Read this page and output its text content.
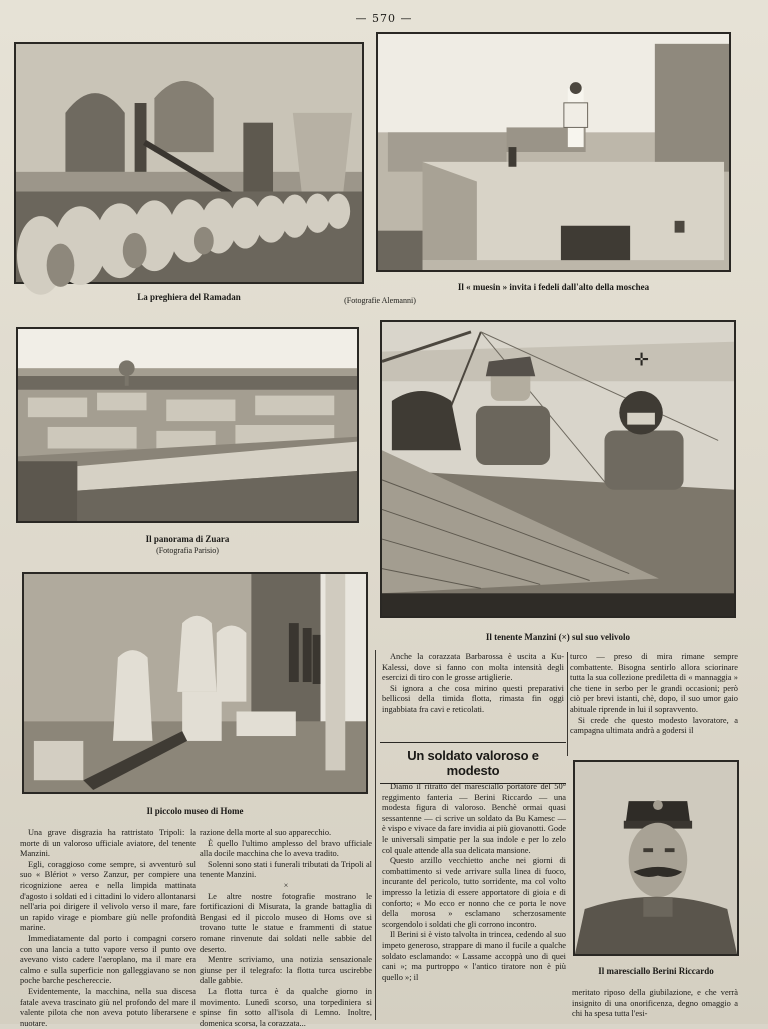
— 570 —
La preghiera del Ramadan
Il « muesin » invita i fedeli dall'alto della moschea
(Fotografie Alemanni)
Il panorama di Zuara
(Fotografia Parisio)
✛
Il tenente Manzini (×) sul suo velivolo
Il piccolo museo di Home
Il maresciallo Berini Riccardo
Un soldato valoroso e modesto

Anche la corazzata Barbarossa è uscita a Ku-Kalessi, dove si fanno con molta intensità degli esercizi di tiro con le grosse artiglierie.

Si ignora a che cosa mirino questi preparativi bellicosi della timida flotta, rimasta fin oggi ingabbiata fra cavi e reticolati.

turco — preso di mira rimane sempre combattente. Bisogna sentirlo allora sciorinare tutta la sua collezione prediletta di « mannaggia » che tiene in serbo per le grandi occasioni; però ciò per brevi istanti, chè, dopo, il suo umor gaio abituale riprende in lui il sopravvento.

Si crede che questo modesto lavoratore, a campagna ultimata andrà a godersi il

Diamo il ritratto del maresciallo portatore del 50° reggimento fanteria — Berini Riccardo — una modesta figura di valoroso. Benchè ormai quasi sessantenne — ci scrive un soldato da Bu Kamesc — è vispo e vivace da fare invidia ai più giovanotti. Gode le universali simpatie per la sua indole e per lo zelo col quale attende alla sua delicata mansione.

Questo arzillo vecchietto anche nei giorni di combattimento si vede arrivare sulla linea di fuoco, incurante del pericolo, tutto sorridente, ma col volto impresso la letizia di essere apportatore di gioia e di conforto; « Mo ecco er nonno che ce porta le nove della morosa » esclamano scherzosamente scorgendolo i soldati che gli corrono incontro.

Il Berini si è visto talvolta in trincea, cedendo al suo impeto generoso, strappare di mano il fucile a qualche soldato esclamando: « Lassame accoppà uno di quei cani »; ma purtroppo « l'antico tiratore non è più quello »; il

meritato riposo della giubilazione, e che verrà insignito di una onorificenza, degno omaggio a chi ha spesa tutta l'esi-

Una grave disgrazia ha rattristato Tripoli: la morte di un valoroso ufficiale aviatore, del tenente Manzini.

Egli, coraggioso come sempre, si avventurò sul suo « Blériot » verso Zanzur, per compiere una ricognizione aerea e nella limpida mattinata d'agosto i soldati ed i cittadini lo videro allontanarsi nell'aria poi dirigere il velivolo verso il mare, fare un rapido virage e piombare giù nelle profondità marine.

Immediatamente dal porto i compagni corsero con una lancia a tutto vapore verso il punto ove avevano visto cadere l'aeroplano, ma il mare era calmo e sulla superficie non galleggiavano se non poche barche peschereccie.

Evidentemente, la macchina, nella sua discesa fatale aveva trascinato giù nel profondo del mare il valente pilota che non aveva potuto liberarsene e nuotare.

razione della morte al suo apparecchio.

È quello l'ultimo amplesso del bravo ufficiale alla docile macchina che lo aveva tradito.

Solenni sono stati i funerali tributati da Tripoli al tenente Manzini.

×

Le altre nostre fotografie mostrano le fortificazioni di Misurata, la grande battaglia di Bengasi ed il piccolo museo di Homs ove si trovano tutte le statue e frammenti di statue romane rinvenute dai soldati nelle sabbie del deserto.

Mentre scriviamo, una notizia sensazionale giunse per il telegrafo: la flotta turca uscirebbe dalle gabbie.

La flotta turca è da qualche giorno in movimento. Lunedì scorso, una torpediniera si spinse fin sotto all'isola di Lemno. Inoltre, domenica scorsa, la corazzata...
